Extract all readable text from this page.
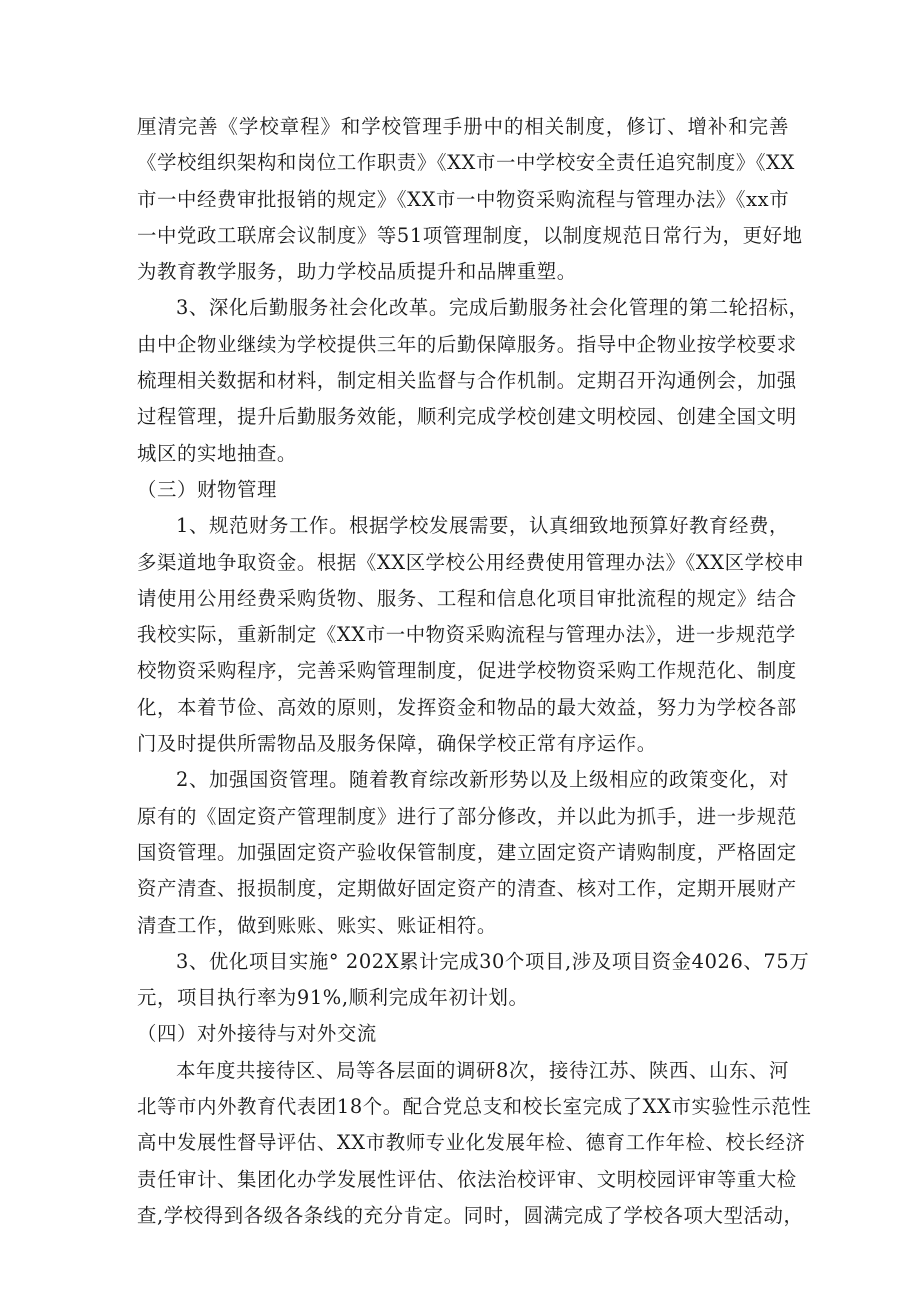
厘清完善《学校章程》和学校管理手册中的相关制度，修订、增补和完善
《学校组织架构和岗位工作职责》《XX市一中学校安全责任追究制度》《XX
市一中经费审批报销的规定》《XX市一中物资采购流程与管理办法》《xx市
一中党政工联席会议制度》等51项管理制度，以制度规范日常行为，更好地
为教育教学服务，助力学校品质提升和品牌重塑。

3、深化后勤服务社会化改革。完成后勤服务社会化管理的第二轮招标，
由中企物业继续为学校提供三年的后勤保障服务。指导中企物业按学校要求
梳理相关数据和材料，制定相关监督与合作机制。定期召开沟通例会，加强
过程管理，提升后勤服务效能，顺利完成学校创建文明校园、创建全国文明
城区的实地抽查。

（三）财物管理

1、规范财务工作。根据学校发展需要，认真细致地预算好教育经费，
多渠道地争取资金。根据《XX区学校公用经费使用管理办法》《XX区学校申
请使用公用经费采购货物、服务、工程和信息化项目审批流程的规定》结合
我校实际，重新制定《XX市一中物资采购流程与管理办法》，进一步规范学
校物资采购程序，完善采购管理制度，促进学校物资采购工作规范化、制度
化，本着节俭、高效的原则，发挥资金和物品的最大效益，努力为学校各部
门及时提供所需物品及服务保障，确保学校正常有序运作。

2、加强国资管理。随着教育综改新形势以及上级相应的政策变化，对
原有的《固定资产管理制度》进行了部分修改，并以此为抓手，进一步规范
国资管理。加强固定资产验收保管制度，建立固定资产请购制度，严格固定
资产清查、报损制度，定期做好固定资产的清查、核对工作，定期开展财产
清查工作，做到账账、账实、账证相符。

3、优化项目实施° 202X累计完成30个项目,涉及项目资金4026、75万
元，项目执行率为91%,顺利完成年初计划。

（四）对外接待与对外交流

本年度共接待区、局等各层面的调研8次，接待江苏、陕西、山东、河
北等市内外教育代表团18个。配合党总支和校长室完成了XX市实验性示范性
高中发展性督导评估、XX市教师专业化发展年检、德育工作年检、校长经济
责任审计、集团化办学发展性评估、依法治校评审、文明校园评审等重大检
查,学校得到各级各条线的充分肯定。同时，圆满完成了学校各项大型活动，
